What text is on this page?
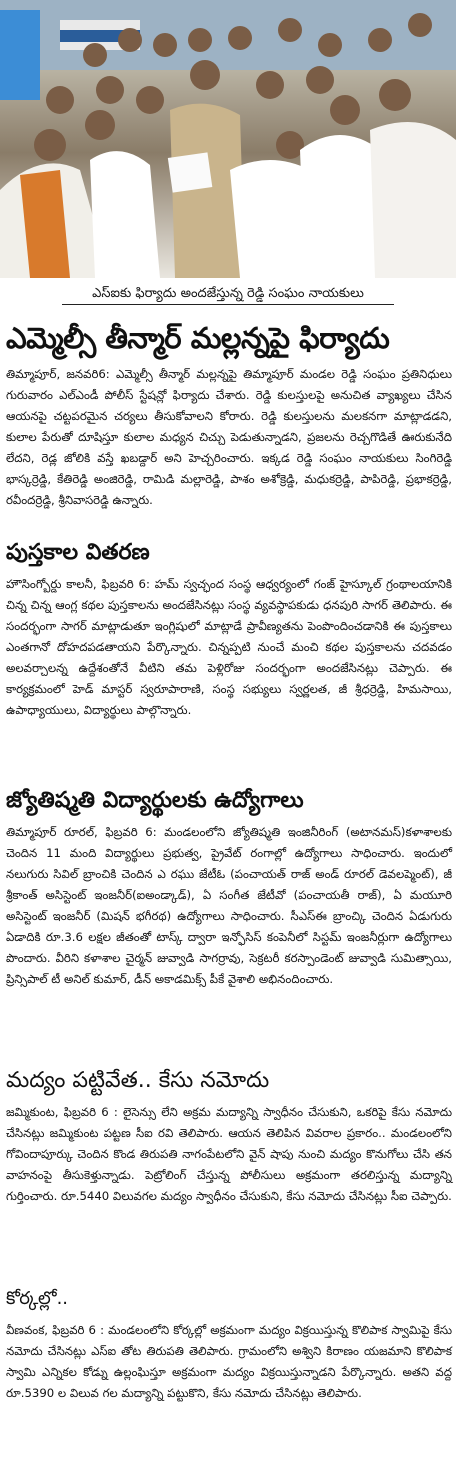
ఎస్ఐకు ఫిర్యాదు అందజేస్తున్న రెడ్డి సంఘం నాయకులు
ఎమ్మెల్సీ తీన్మార్ మల్లన్నపై ఫిర్యాదు

తిమ్మాపూర్, జనవరి6: ఎమ్మెల్సీ తీన్మార్ మల్లన్నపై తిమ్మాపూర్ మండల రెడ్డి సంఘం ప్రతినిధులు గురువారం ఎల్ఎండీ పోలీస్ స్టేషన్లో ఫిర్యాదు చేశారు. రెడ్డి కులస్తులపై అనుచిత వ్యాఖ్యలు చేసిన ఆయనపై చట్టపరమైన చర్యలు తీసుకోవాలని కోరారు. రెడ్డి కులస్తులను మలకనగా మాట్లాడడని, కులాల పేరుతో దూషిస్తూ కులాల మధ్యన చిచ్చు పెడుతున్నాడని, ప్రజలను రెచ్చగొడితే ఊరుకునేది లేదని, రెడ్ల జోలికి వస్తే ఖబడ్దార్ అని హెచ్చరించారు. ఇక్కడ రెడ్డి సంఘం నాయకులు సింగిరెడ్డి భాస్కర్రెడ్డి, కేతిరెడ్డి అంజిరెడ్డి, రామిడి మల్లారెడ్డి, పాశం అశోక్రెడ్డి, మధుకర్రెడ్డి, పాపిరెడ్డి, ప్రభాకర్రెడ్డి, రవీందర్రెడ్డి, శ్రీనివాసరెడ్డి ఉన్నారు.

పుస్తకాల వితరణ

హౌసింగ్బోర్డు కాలనీ, ఫిబ్రవరి 6: హమ్ స్వచ్ఛంద సంస్థ ఆధ్వర్యంలో గంజ్ హైస్కూల్ గ్రంథాలయానికి చిన్న చిన్న ఆంగ్ల కథల పుస్తకాలను అందజేసినట్లు సంస్థ వ్యవస్థాపకుడు ధనపురి సాగర్ తెలిపారు. ఈ సందర్భంగా సాగర్ మాట్లాడుతూ ఇంగ్లిషులో మాట్లాడే ప్రావీణ్యతను పెంపొందించడానికి ఈ పుస్తకాలు ఎంతగానో దోహదపడతాయని పేర్కొన్నారు. చిన్నప్పటి నుంచే మంచి కథల పుస్తకాలను చదవడం అలవర్చాలన్న ఉద్దేశంతోనే వీటిని తమ పెళ్లిరోజు సందర్భంగా అందజేసినట్లు చెప్పారు. ఈ కార్యక్రమంలో హెడ్ మాస్టర్ స్వరూపారాణి, సంస్థ సభ్యులు స్వర్ణలత, జీ శ్రీధర్రెడ్డి, హిమసాయి, ఉపాధ్యాయులు, విద్యార్థులు పాల్గొన్నారు.

జ్యోతిష్మతి విద్యార్థులకు ఉద్యోగాలు

తిమ్మాపూర్ రూరల్, ఫిబ్రవరి 6: మండలంలోని జ్యోతిష్మతి ఇంజినీరింగ్ (అటానమస్)కళాశాలకు చెందిన 11 మంది విద్యార్థులు ప్రభుత్వ, ప్రైవేట్ రంగాల్లో ఉద్యోగాలు సాధించారు. ఇందులో నలుగురు సివిల్ బ్రాంచికి చెందిన ఎ రఘు జేటీఓ (పంచాయత్ రాజ్ అండ్ రూరల్ డెవలప్మెంట్), జీ శ్రీకాంత్ అసిస్టెంట్ ఇంజనీర్(ఐఅండ్కాడ్), ఏ సంగీత జేటీవో (పంచాయతీ రాజ్), ఏ మయూరి అసిస్టెంట్ ఇంజనీర్ (మిషన్ భగీరథ) ఉద్యోగాలు సాధించారు. సీఎస్ఈ బ్రాంచ్కి చెందిన ఏడుగురు ఏడాదికి రూ.3.6 లక్షల జీతంతో టాస్క్ ద్వారా ఇన్ఫోసిస్ కంపెనీలో సిస్టమ్ ఇంజనీర్లుగా ఉద్యోగాలు పొందారు. వీరిని కళాశాల చైర్మన్ జువ్వాడి సాగర్రావు, సెక్రటరీ కరస్పాండెంట్ జువ్వాడి సుమిత్సాయి, ప్రిన్సిపాల్ టీ అనిల్ కుమార్, డీన్ అకాడమిక్స్ పీకే వైశాలి అభినందించారు.

మద్యం పట్టివేత.. కేసు నమోదు

జమ్మికుంట, ఫిబ్రవరి 6 : లైసెన్సు లేని అక్రమ మద్యాన్ని స్వాధీనం చేసుకుని, ఒకరిపై కేసు నమోదు చేసినట్లు జమ్మికుంట పట్టణ సీఐ రవి తెలిపారు. ఆయన తెలిపిన వివరాల ప్రకారం.. మండలంలోని గోవిందాపూర్కు చెందిన కొండ తిరుపతి నాగంపేటలోని వైన్ షాపు నుంచి మద్యం కొనుగోలు చేసి తన వాహనంపై తీసుకెళ్తున్నాడు. పెట్రోలింగ్ చేస్తున్న పోలీసులు అక్రమంగా తరలిస్తున్న మద్యాన్ని గుర్తించారు. రూ.5440 విలువగల మద్యం స్వాధీనం చేసుకుని, కేసు నమోదు చేసినట్లు సీఐ చెప్పారు.

కోర్కల్లో..

వీణవంక, ఫిబ్రవరి 6 : మండలంలోని కోర్కల్లో అక్రమంగా మద్యం విక్రయిస్తున్న కొలిపాక స్వామిపై కేసు నమోదు చేసినట్లు ఎస్ఐ తోట తిరుపతి తెలిపారు. గ్రామంలోని అశ్విని కిరాణం యజమాని కొలిపాక స్వామి ఎన్నికల కోడ్ను ఉల్లంఘిస్తూ అక్రమంగా మద్యం విక్రయిస్తున్నాడని పేర్కొన్నారు. అతని వద్ద రూ.5390 ల విలువ గల మద్యాన్ని పట్టుకొని, కేసు నమోదు చేసినట్లు తెలిపారు.
